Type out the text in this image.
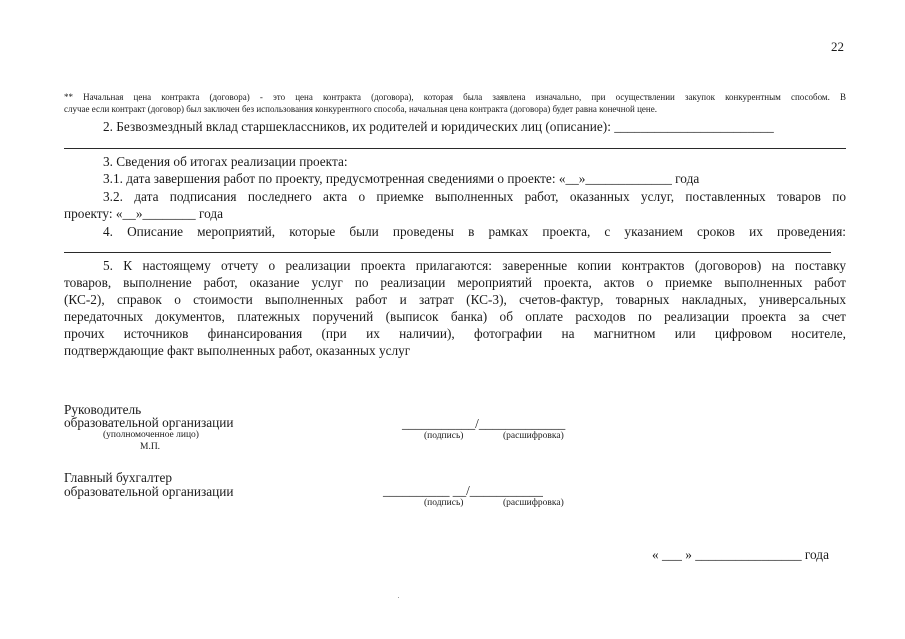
22
** Начальная цена контракта (договора) - это цена контракта (договора), которая была заявлена изначально, при осуществлении закупок конкурентным способом. В
случае если контракт (договор) был заключен без использования конкурентного способа, начальная цена контракта (договора) будет равна конечной цене.
2. Безвозмездный вклад старшеклассников, их родителей и юридических лиц (описание): ________________________
3. Сведения об итогах реализации проекта:
3.1. дата завершения работ по проекту, предусмотренная сведениями о проекте: «__»_____________ года
3.2. дата подписания последнего акта о приемке выполненных работ, оказанных услуг, поставленных товаров по
проекту: «__»________ года
4. Описание мероприятий, которые были проведены в рамках проекта, с указанием сроков их проведения:
5. К настоящему отчету о реализации проекта прилагаются: заверенные копии контрактов (договоров) на поставку
товаров, выполнение работ, оказание услуг по реализации мероприятий проекта, актов о приемке выполненных работ
(КС-2), справок о стоимости выполненных работ и затрат (КС-3), счетов-фактур, товарных накладных, универсальных
передаточных документов, платежных поручений (выписок банка) об оплате расходов по реализации проекта за счет
прочих источников финансирования (при их наличии), фотографии на магнитном или цифровом носителе,
подтверждающие факт выполненных работ, оказанных услуг
Руководитель
образовательной организации
(уполномоченное лицо)
М.П.
___________/_____________
(подпись)	(расшифровка)
Главный бухгалтер
образовательной организации	__________ __/___________
(подпись)	(расшифровка)
« ___ » ________________ года
